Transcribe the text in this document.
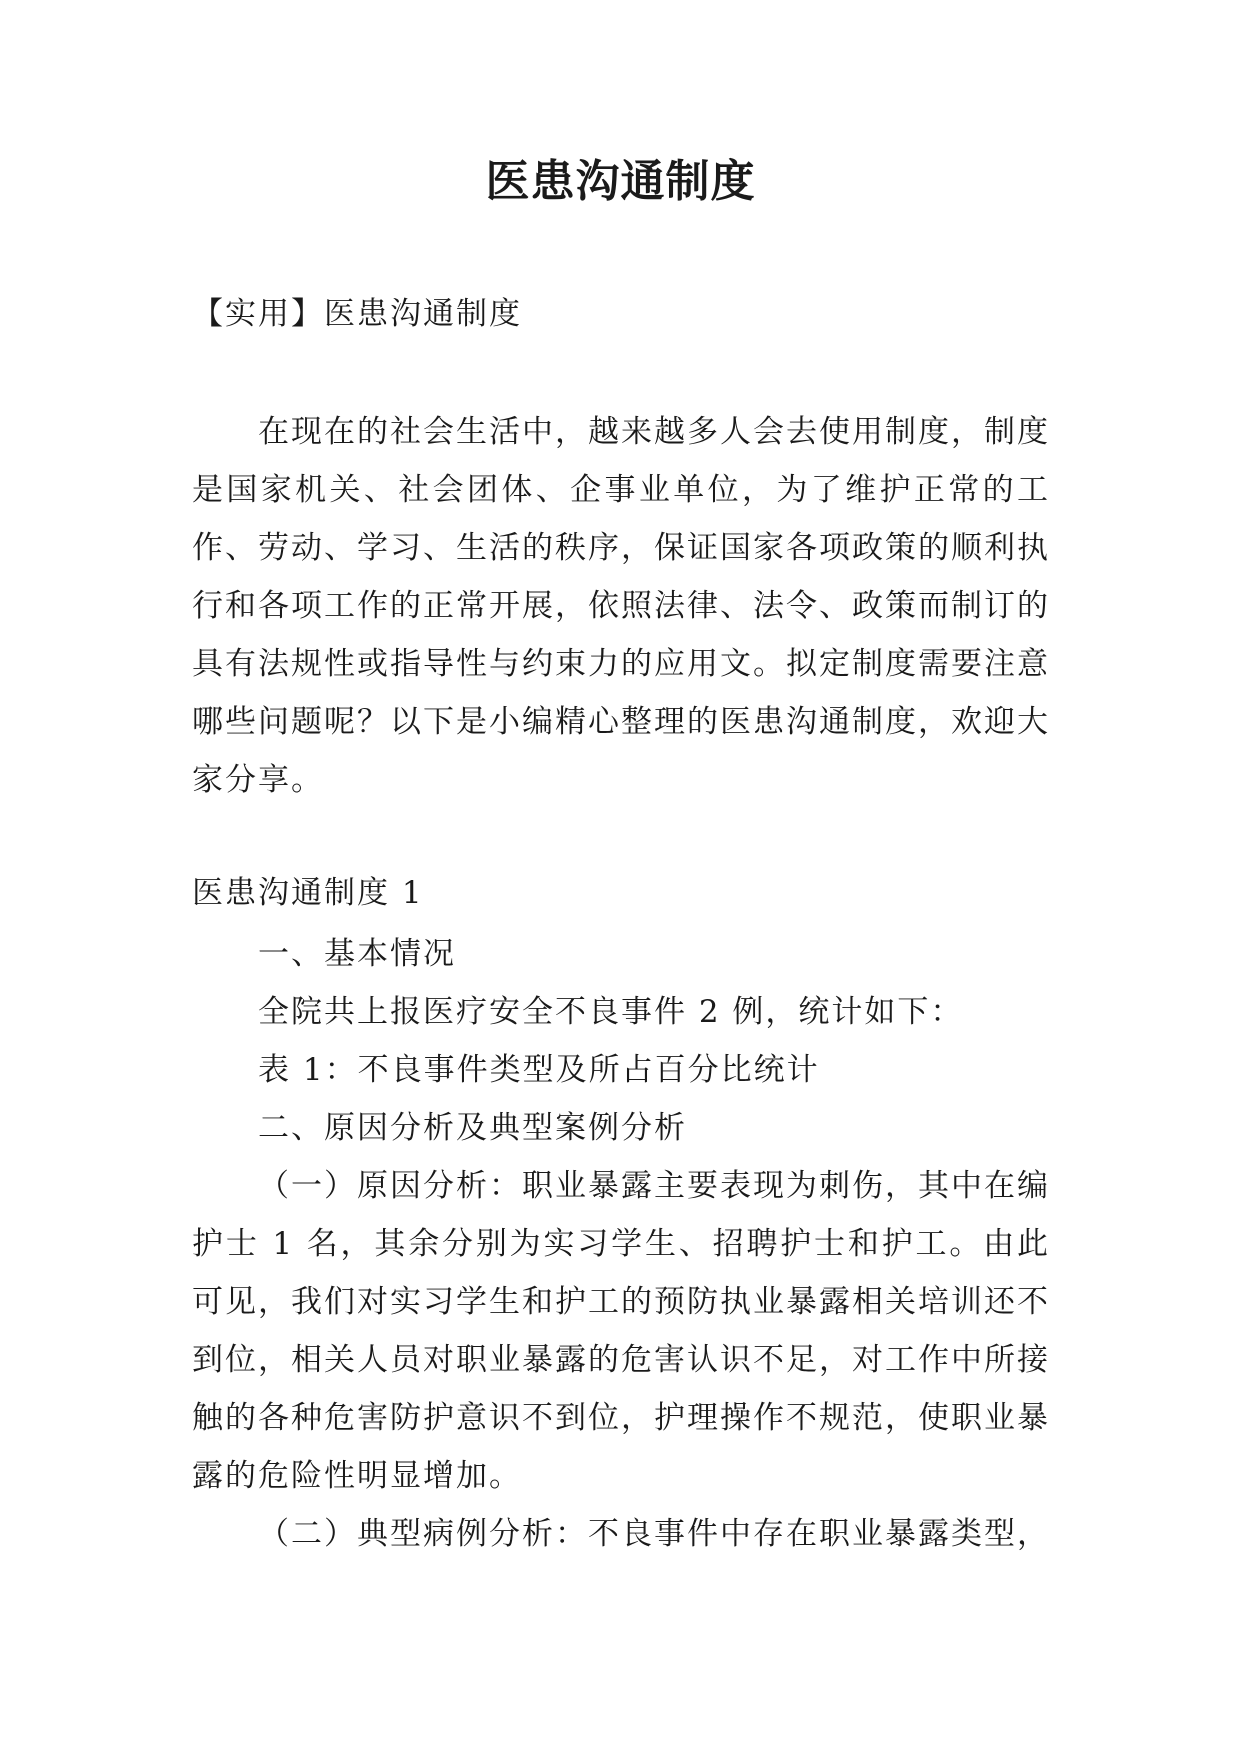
医患沟通制度

【实用】医患沟通制度

在现在的社会生活中，越来越多人会去使用制度，制度是国家机关、社会团体、企事业单位，为了维护正常的工作、劳动、学习、生活的秩序，保证国家各项政策的顺利执行和各项工作的正常开展，依照法律、法令、政策而制订的具有法规性或指导性与约束力的应用文。拟定制度需要注意哪些问题呢？以下是小编精心整理的医患沟通制度，欢迎大家分享。

医患沟通制度 1

一、基本情况

全院共上报医疗安全不良事件 2 例，统计如下：

表 1：不良事件类型及所占百分比统计

二、原因分析及典型案例分析

（一）原因分析：职业暴露主要表现为刺伤，其中在编护士 1 名，其余分别为实习学生、招聘护士和护工。由此可见，我们对实习学生和护工的预防执业暴露相关培训还不到位，相关人员对职业暴露的危害认识不足，对工作中所接触的各种危害防护意识不到位，护理操作不规范，使职业暴露的危险性明显增加。

（二）典型病例分析：不良事件中存在职业暴露类型，
